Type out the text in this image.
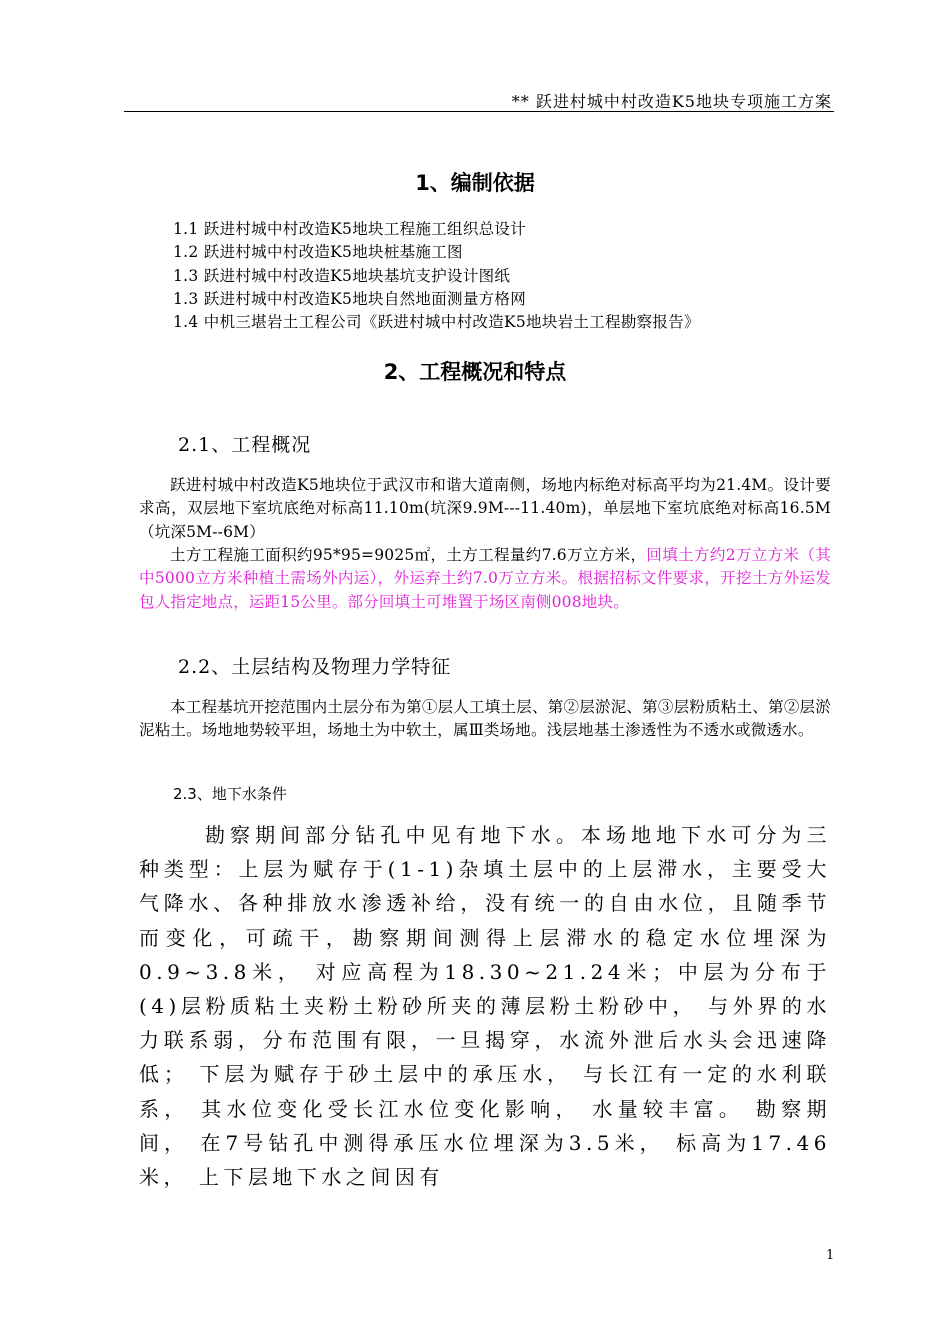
** 跃进村城中村改造K5地块专项施工方案
1、编制依据
1.1 跃进村城中村改造K5地块工程施工组织总设计
1.2 跃进村城中村改造K5地块桩基施工图
1.3 跃进村城中村改造K5地块基坑支护设计图纸
1.3 跃进村城中村改造K5地块自然地面测量方格网
1.4 中机三堪岩土工程公司《跃进村城中村改造K5地块岩土工程勘察报告》
2、工程概况和特点
2.1、工程概况

跃进村城中村改造K5地块位于武汉市和谐大道南侧，场地内标绝对标高平均为21.4M。设计要求高，双层地下室坑底绝对标高11.10m(坑深9.9M---11.40m)，单层地下室坑底绝对标高16.5M（坑深5M--6M）

土方工程施工面积约95*95=9025㎡，土方工程量约7.6万立方米，回填土方约2万立方米（其中5000立方米种植土需场外内运），外运弃土约7.0万立方米。根据招标文件要求，开挖土方外运发包人指定地点，运距15公里。部分回填土可堆置于场区南侧008地块。

2.2、土层结构及物理力学特征

本工程基坑开挖范围内土层分布为第①层人工填土层、第②层淤泥、第③层粉质粘土、第②层淤泥粘土。场地地势较平坦，场地土为中软土，属Ⅲ类场地。浅层地基土渗透性为不透水或微透水。

2.3、地下水条件

勘察期间部分钻孔中见有地下水。本场地地下水可分为三种类型：上层为赋存于(1-1)杂填土层中的上层滞水，主要受大气降水、各种排放水渗透补给，没有统一的自由水位，且随季节而变化，可疏干，勘察期间测得上层滞水的稳定水位埋深为0.9~3.8米， 对应高程为18.30~21.24米；中层为分布于(4)层粉质粘土夹粉土粉砂所夹的薄层粉土粉砂中， 与外界的水力联系弱，分布范围有限，一旦揭穿，水流外泄后水头会迅速降低； 下层为赋存于砂土层中的承压水， 与长江有一定的水利联系， 其水位变化受长江水位变化影响， 水量较丰富。 勘察期间， 在7号钻孔中测得承压水位埋深为3.5米， 标高为17.46米， 上下层地下水之间因有

1
